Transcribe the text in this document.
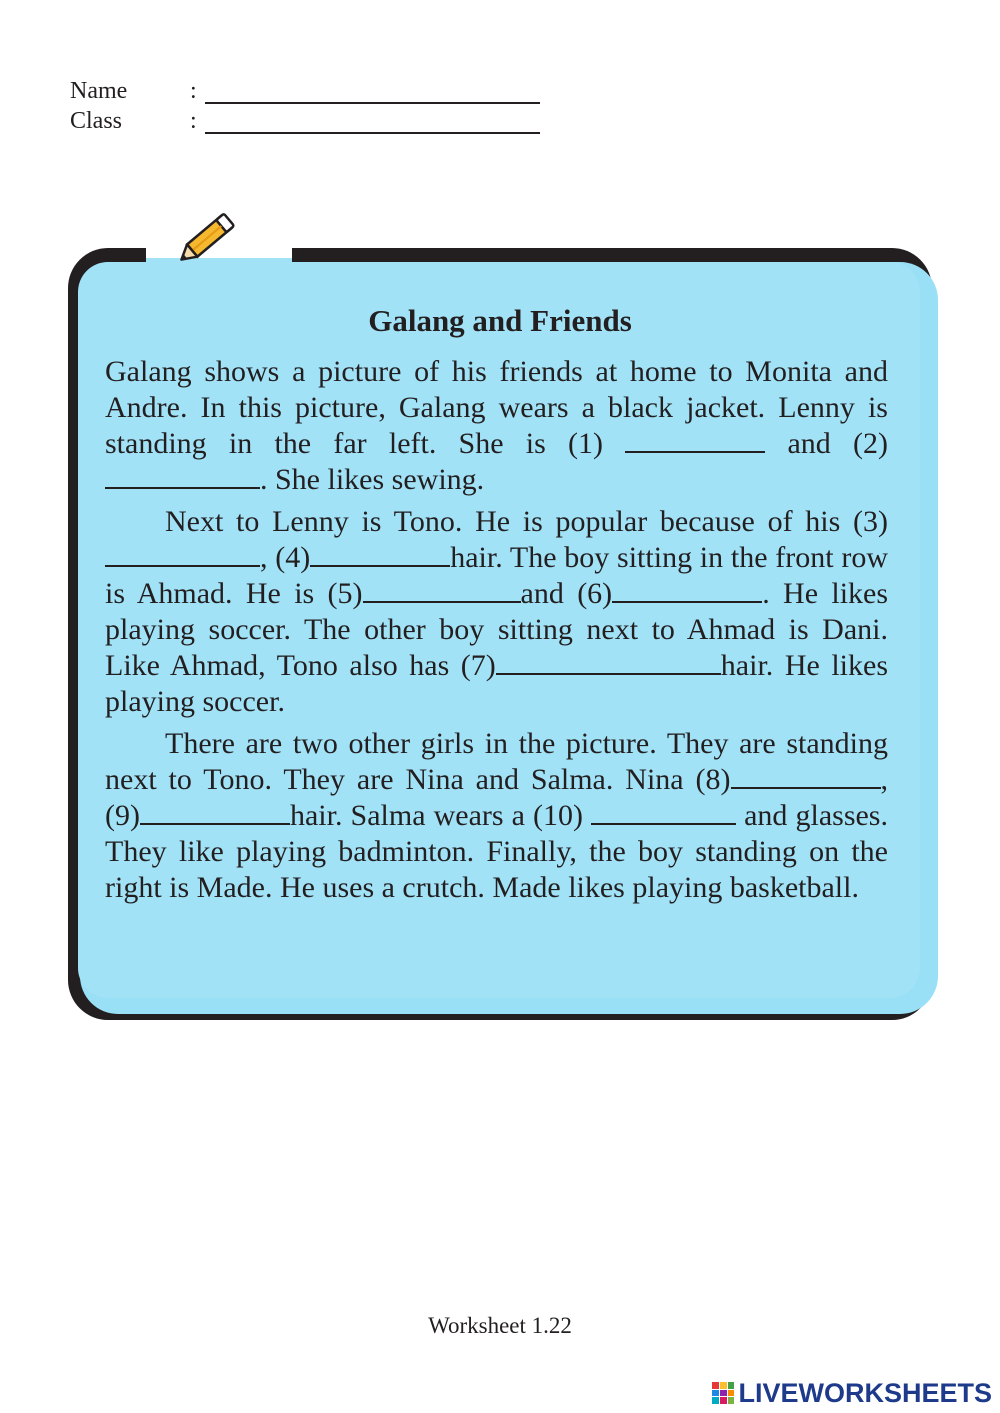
Name	:
Class	:
Galang and Friends

Galang shows a picture of his friends at home to Monita and Andre. In this picture, Galang wears a black jacket. Lenny is standing in the far left. She is (1)	and (2). She likes sewing.

Next to Lenny is Tono. He is popular because of his (3), (4)	hair. The boy sitting in the front row is Ahmad. He is (5)	and (6)	. He likes playing soccer. The other boy sitting next to Ahmad is Dani. Like Ahmad, Tono also has (7)	hair. He likes playing soccer.

There are two other girls in the picture. They are standing next to Tono. They are Nina and Salma. Nina (8)	, (9)	hair. Salma wears a (10)	and glasses. They like playing badminton. Finally, the boy standing on the right is Made. He uses a crutch. Made likes playing basketball.

Worksheet 1.22
LIVEWORKSHEETS
